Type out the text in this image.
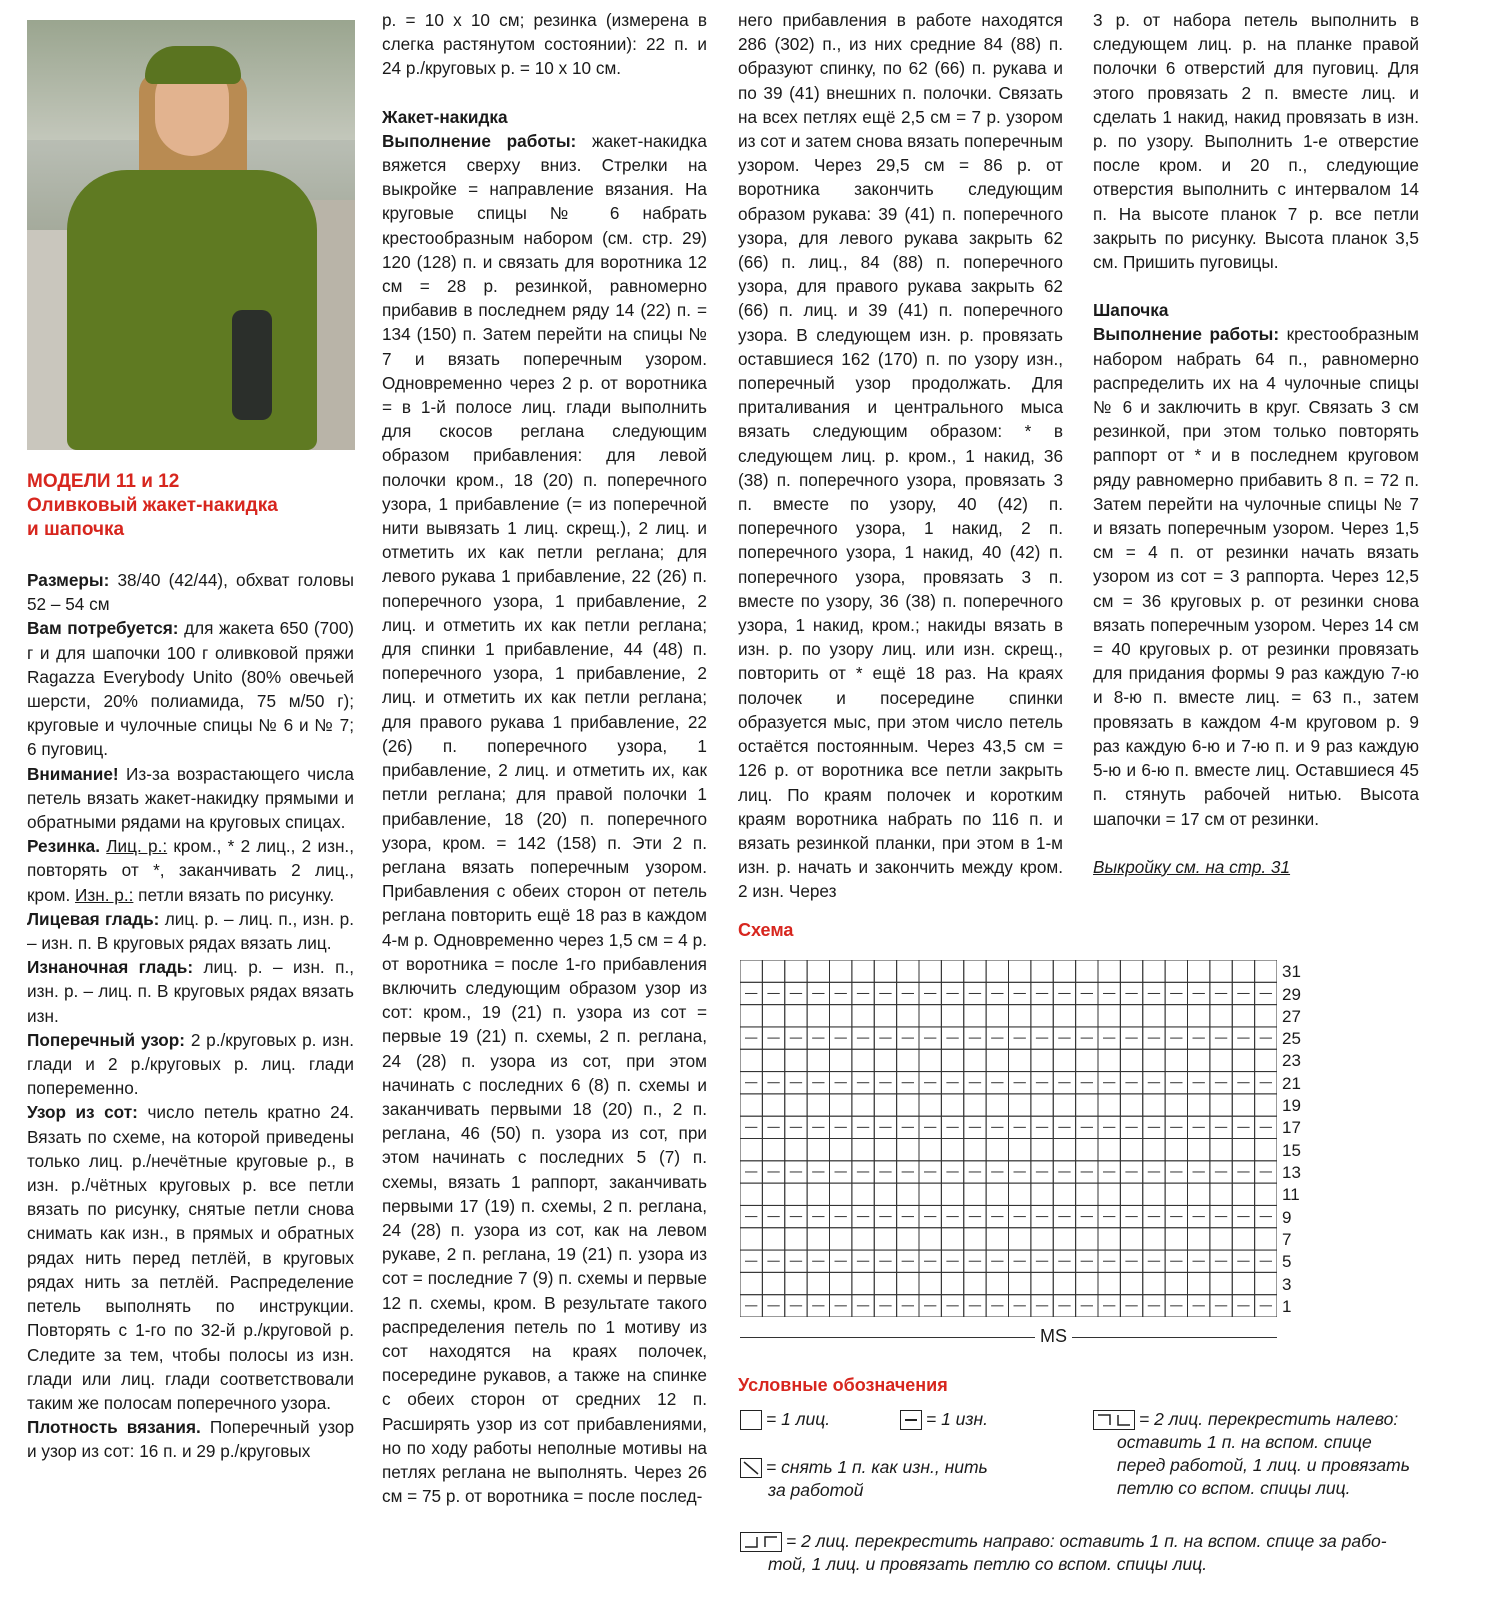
МОДЕЛИ 11 и 12
Оливковый жакет-накидка
и шапочка

Размеры: 38/40 (42/44), обхват головы 52 – 54 см

Вам потребуется: для жакета 650 (700) г и для шапочки 100 г оливковой пряжи Ragazza Everybody Unito (80% овечьей шерсти, 20% полиамида, 75 м/50 г); круговые и чулочные спицы № 6 и № 7; 6 пуговиц.

Внимание! Из-за возрастающего числа петель вязать жакет-накидку прямыми и обратными рядами на круговых спицах.

Резинка. Лиц. р.: кром., * 2 лиц., 2 изн., повторять от *, заканчивать 2 лиц., кром. Изн. р.: петли вязать по рисунку.

Лицевая гладь: лиц. р. – лиц. п., изн. р. – изн. п. В круговых рядах вязать лиц.

Изнаночная гладь: лиц. р. – изн. п., изн. р. – лиц. п. В круговых рядах вязать изн.

Поперечный узор: 2 р./круговых р. изн. глади и 2 р./круговых р. лиц. глади попеременно.

Узор из сот: число петель кратно 24. Вязать по схеме, на которой приведены только лиц. р./нечётные круговые р., в изн. р./чётных круговых р. все петли вязать по рисунку, снятые петли снова снимать как изн., в прямых и обратных рядах нить перед петлёй, в круговых рядах нить за петлёй. Распределение петель выполнять по инструкции. Повторять с 1-го по 32-й р./круговой р. Следите за тем, чтобы полосы из изн. глади или лиц. глади соответствовали таким же полосам поперечного узора.

Плотность вязания. Поперечный узор и узор из сот: 16 п. и 29 р./круговых

р. = 10 х 10 см; резинка (измерена в слегка растянутом состоянии): 22 п. и 24 р./круговых р. = 10 х 10 см.

Жакет-накидка

Выполнение работы: жакет-накидка вяжется сверху вниз. Стрелки на выкройке = направление вязания. На круговые спицы № 6 набрать крестообразным набором (см. стр. 29) 120 (128) п. и связать для воротника 12 см = 28 р. резинкой, равномерно прибавив в последнем ряду 14 (22) п. = 134 (150) п. Затем перейти на спицы № 7 и вязать поперечным узором. Одновременно через 2 р. от воротника = в 1-й полосе лиц. глади выполнить для скосов реглана следующим образом прибавления: для левой полочки кром., 18 (20) п. поперечного узора, 1 прибавление (= из поперечной нити вывязать 1 лиц. скрещ.), 2 лиц. и отметить их как петли реглана; для левого рукава 1 прибавление, 22 (26) п. поперечного узора, 1 прибавление, 2 лиц. и отметить их как петли реглана; для спинки 1 прибавление, 44 (48) п. поперечного узора, 1 прибавление, 2 лиц. и отметить их как петли реглана; для правого рукава 1 прибавление, 22 (26) п. поперечного узора, 1 прибавление, 2 лиц. и отметить их, как петли реглана; для правой полочки 1 прибавление, 18 (20) п. поперечного узора, кром. = 142 (158) п. Эти 2 п. реглана вязать поперечным узором. Прибавления с обеих сторон от петель реглана повторить ещё 18 раз в каждом 4-м р. Одновременно через 1,5 см = 4 р. от воротника = после 1-го прибавления включить следующим образом узор из сот: кром., 19 (21) п. узора из сот = первые 19 (21) п. схемы, 2 п. реглана, 24 (28) п. узора из сот, при этом начинать с последних 6 (8) п. схемы и заканчивать первыми 18 (20) п., 2 п. реглана, 46 (50) п. узора из сот, при этом начинать с последних 5 (7) п. схемы, вязать 1 раппорт, заканчивать первыми 17 (19) п. схемы, 2 п. реглана, 24 (28) п. узора из сот, как на левом рукаве, 2 п. реглана, 19 (21) п. узора из сот = последние 7 (9) п. схемы и первые 12 п. схемы, кром. В результате такого распределения петель по 1 мотиву из сот находятся на краях полочек, посередине рукавов, а также на спинке с обеих сторон от средних 12 п. Расширять узор из сот прибавлениями, но по ходу работы неполные мотивы на петлях реглана не выполнять. Через 26 см = 75 р. от воротника = после послед-

него прибавления в работе находятся 286 (302) п., из них средние 84 (88) п. образуют спинку, по 62 (66) п. рукава и по 39 (41) внешних п. полочки. Связать на всех петлях ещё 2,5 см = 7 р. узором из сот и затем снова вязать поперечным узором. Через 29,5 см = 86 р. от воротника закончить следующим образом рукава: 39 (41) п. поперечного узора, для левого рукава закрыть 62 (66) п. лиц., 84 (88) п. поперечного узора, для правого рукава закрыть 62 (66) п. лиц. и 39 (41) п. поперечного узора. В следующем изн. р. провязать оставшиеся 162 (170) п. по узору изн., поперечный узор продолжать. Для приталивания и центрального мыса вязать следующим образом: * в следующем лиц. р. кром., 1 накид, 36 (38) п. поперечного узора, провязать 3 п. вместе по узору, 40 (42) п. поперечного узора, 1 накид, 2 п. поперечного узора, 1 накид, 40 (42) п. поперечного узора, провязать 3 п. вместе по узору, 36 (38) п. поперечного узора, 1 накид, кром.; накиды вязать в изн. р. по узору лиц. или изн. скрещ., повторить от * ещё 18 раз. На краях полочек и посередине спинки образуется мыс, при этом число петель остаётся постоянным. Через 43,5 см = 126 р. от воротника все петли закрыть лиц. По краям полочек и коротким краям воротника набрать по 116 п. и вязать резинкой планки, при этом в 1-м изн. р. начать и закончить между кром. 2 изн. Через

3 р. от набора петель выполнить в следующем лиц. р. на планке правой полочки 6 отверстий для пуговиц. Для этого провязать 2 п. вместе лиц. и сделать 1 накид, накид провязать в изн. р. по узору. Выполнить 1-е отверстие после кром. и 20 п., следующие отверстия выполнить с интервалом 14 п. На высоте планок 7 р. все петли закрыть по рисунку. Высота планок 3,5 см. Пришить пуговицы.

Шапочка

Выполнение работы: крестообразным набором набрать 64 п., равномерно распределить их на 4 чулочные спицы № 6 и заключить в круг. Связать 3 см резинкой, при этом только повторять раппорт от * и в последнем круговом ряду равномерно прибавить 8 п. = 72 п. Затем перейти на чулочные спицы № 7 и вязать поперечным узором. Через 1,5 см = 4 п. от резинки начать вязать узором из сот = 3 раппорта. Через 12,5 см = 36 круговых р. от резинки снова вязать поперечным узором. Через 14 см = 40 круговых р. от резинки провязать для придания формы 9 раз каждую 7-ю и 8-ю п. вместе лиц. = 63 п., затем провязать в каждом 4-м круговом р. 9 раз каждую 6-ю и 7-ю п. и 9 раз каждую 5-ю и 6-ю п. вместе лиц. Оставшиеся 45 п. стянуть рабочей нитью. Высота шапочки = 17 см от резинки.

Выкройку см. на стр. 31

Схема
31
29
27
25
23
21
19
17
15
13
11
9
7
5
3
1
MS
Условные обозначения
= 1 лиц.	= 1 изн.
= снять 1 п. как изн., нить
за работой
= 2 лиц. перекрестить налево:
оставить 1 п. на вспом. спице
перед работой, 1 лиц. и провязать
петлю со вспом. спицы лиц.
= 2 лиц. перекрестить направо: оставить 1 п. на вспом. спице за рабо-
той, 1 лиц. и провязать петлю со вспом. спицы лиц.
